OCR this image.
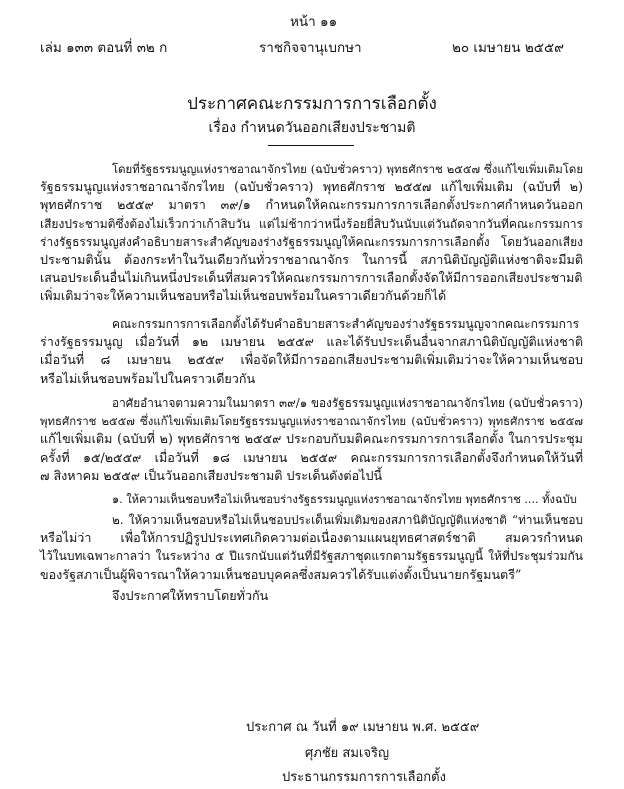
หน้า ๑๑
เล่ม ๑๓๓ ตอนที่ ๓๒ ก	ราชกิจจานุเบกษา	๒๐ เมษายน ๒๕๕๙
ประกาศคณะกรรมการการเลือกตั้ง
เรื่อง กำหนดวันออกเสียงประชามติ
โดยที่รัฐธรรมนูญแห่งราชอาณาจักรไทย (ฉบับชั่วคราว) พุทธศักราช ๒๕๕๗ ซึ่งแก้ไขเพิ่มเติมโดย
รัฐธรรมนูญแห่งราชอาณาจักรไทย (ฉบับชั่วคราว) พุทธศักราช ๒๕๕๗ แก้ไขเพิ่มเติม (ฉบับที่ ๒)
พุทธศักราช ๒๕๕๙ มาตรา ๓๙/๑ กำหนดให้คณะกรรมการการเลือกตั้งประกาศกำหนดวันออก
เสียงประชามติซึ่งต้องไม่เร็วกว่าเก้าสิบวัน แต่ไม่ช้ากว่าหนึ่งร้อยยี่สิบวันนับแต่วันถัดจากวันที่คณะกรรมการ
ร่างรัฐธรรมนูญส่งคำอธิบายสาระสำคัญของร่างรัฐธรรมนูญให้คณะกรรมการการเลือกตั้ง โดยวันออกเสียง
ประชามตินั้น ต้องกระทำในวันเดียวกันทั่วราชอาณาจักร ในการนี้ สภานิติบัญญัติแห่งชาติจะมีมติ
เสนอประเด็นอื่นไม่เกินหนึ่งประเด็นที่สมควรให้คณะกรรมการการเลือกตั้งจัดให้มีการออกเสียงประชามติ
เพิ่มเติมว่าจะให้ความเห็นชอบหรือไม่เห็นชอบพร้อมในคราวเดียวกันด้วยก็ได้
คณะกรรมการการเลือกตั้งได้รับคำอธิบายสาระสำคัญของร่างรัฐธรรมนูญจากคณะกรรมการ
ร่างรัฐธรรมนูญ เมื่อวันที่ ๑๒ เมษายน ๒๕๕๙ และได้รับประเด็นอื่นจากสภานิติบัญญัติแห่งชาติ
เมื่อวันที่ ๘ เมษายน ๒๕๕๙ เพื่อจัดให้มีการออกเสียงประชามติเพิ่มเติมว่าจะให้ความเห็นชอบ
หรือไม่เห็นชอบพร้อมไปในคราวเดียวกัน
อาศัยอำนาจตามความในมาตรา ๓๙/๑ ของรัฐธรรมนูญแห่งราชอาณาจักรไทย (ฉบับชั่วคราว)
พุทธศักราช ๒๕๕๗ ซึ่งแก้ไขเพิ่มเติมโดยรัฐธรรมนูญแห่งราชอาณาจักรไทย (ฉบับชั่วคราว) พุทธศักราช ๒๕๕๗
แก้ไขเพิ่มเติม (ฉบับที่ ๒) พุทธศักราช ๒๕๕๙ ประกอบกับมติคณะกรรมการการเลือกตั้ง ในการประชุม
ครั้งที่ ๑๕/๒๕๕๙ เมื่อวันที่ ๑๘ เมษายน ๒๕๕๙ คณะกรรมการการเลือกตั้งจึงกำหนดให้วันที่
๗ สิงหาคม ๒๕๕๙ เป็นวันออกเสียงประชามติ ประเด็นดังต่อไปนี้
๑. ให้ความเห็นชอบหรือไม่เห็นชอบร่างรัฐธรรมนูญแห่งราชอาณาจักรไทย พุทธศักราช .... ทั้งฉบับ
๒. ให้ความเห็นชอบหรือไม่เห็นชอบประเด็นเพิ่มเติมของสภานิติบัญญัติแห่งชาติ “ท่านเห็นชอบ
หรือไม่ว่า เพื่อให้การปฏิรูปประเทศเกิดความต่อเนื่องตามแผนยุทธศาสตร์ชาติ สมควรกำหนด
ไว้ในบทเฉพาะกาลว่า ในระหว่าง ๕ ปีแรกนับแต่วันที่มีรัฐสภาชุดแรกตามรัฐธรรมนูญนี้ ให้ที่ประชุมร่วมกัน
ของรัฐสภาเป็นผู้พิจารณาให้ความเห็นชอบบุคคลซึ่งสมควรได้รับแต่งตั้งเป็นนายกรัฐมนตรี”
จึงประกาศให้ทราบโดยทั่วกัน
ประกาศ ณ วันที่ ๑๙ เมษายน พ.ศ. ๒๕๕๙
ศุภชัย สมเจริญ
ประธานกรรมการการเลือกตั้ง
